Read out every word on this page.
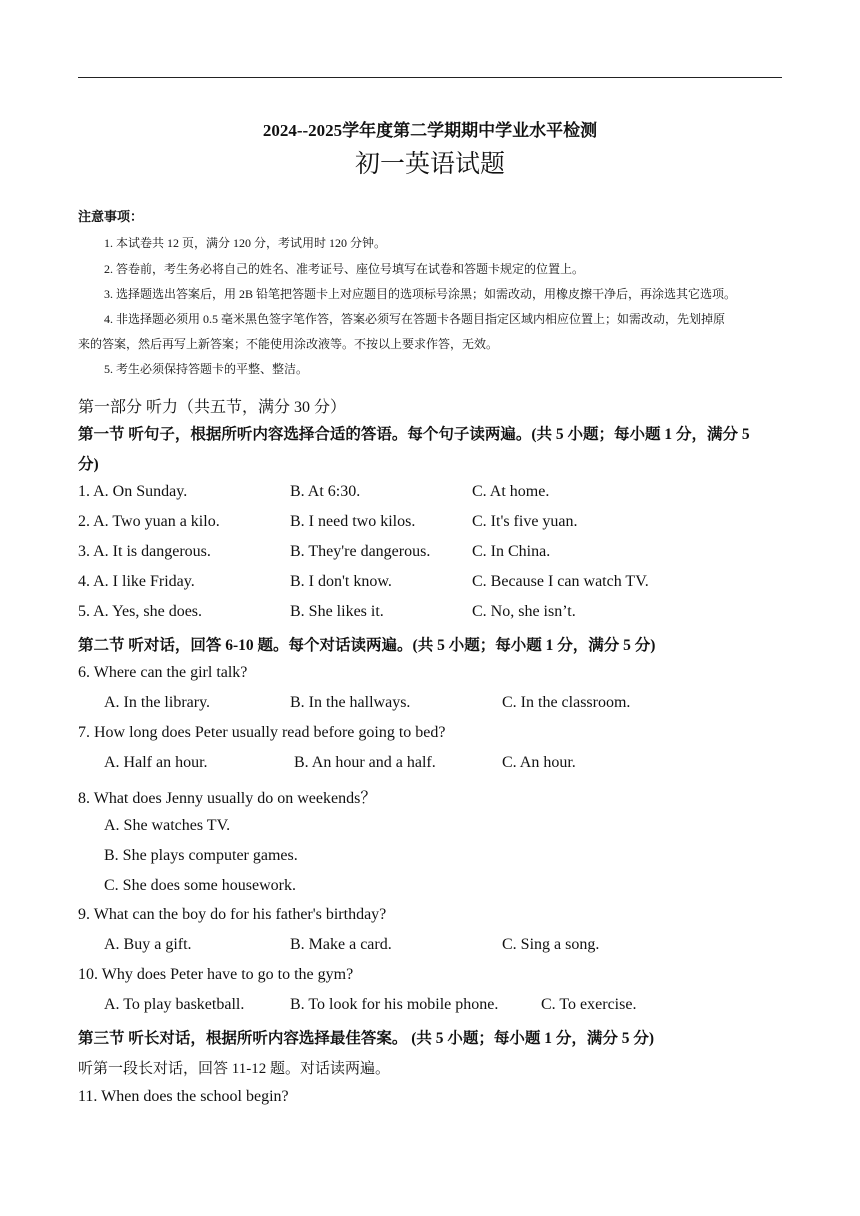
2024--2025学年度第二学期期中学业水平检测
初一英语试题
注意事项：
1. 本试卷共 12 页，满分 120 分，考试用时 120 分钟。
2. 答卷前，考生务必将自己的姓名、准考证号、座位号填写在试卷和答题卡规定的位置上。
3. 选择题选出答案后，用 2B 铅笔把答题卡上对应题目的选项标号涂黑；如需改动，用橡皮擦干净后，再涂选其它选项。
4. 非选择题必须用 0.5 毫米黑色签字笔作答，答案必须写在答题卡各题目指定区域内相应位置上；如需改动，先划掉原
来的答案，然后再写上新答案；不能使用涂改液等。不按以上要求作答，无效。
5. 考生必须保持答题卡的平整、整洁。
第一部分 听力（共五节，满分 30 分）
第一节 听句子，根据所听内容选择合适的答语。每个句子读两遍。(共 5 小题；每小题 1 分，满分 5
分)
1. A. On Sunday.	B. At 6:30.	C. At home.
2. A. Two yuan a kilo.	B. I need two kilos.	C. It's five yuan.
3. A. It is dangerous.	B. They're dangerous.	C. In China.
4. A. I like Friday.	B. I don't know.	C. Because I can watch TV.
5. A. Yes, she does.	B. She likes it.	C. No, she isn’t.
第二节 听对话，回答 6-10 题。每个对话读两遍。(共 5 小题；每小题 1 分，满分 5 分)
6. Where can the girl talk?
A. In the library.	B. In the hallways.	C. In the classroom.
7. How long does Peter usually read before going to bed?
A. Half an hour.	B. An hour and a half.	C. An hour.
8. What does Jenny usually do on weekends？
A. She watches TV.
B. She plays computer games.
C. She does some housework.
9. What can the boy do for his father's birthday?
A. Buy a gift.	B. Make a card.	C. Sing a song.
10. Why does Peter have to go to the gym?
A. To play basketball.	B. To look for his mobile phone.	C. To exercise.
第三节 听长对话，根据所听内容选择最佳答案。 (共 5 小题；每小题 1 分，满分 5 分)
听第一段长对话，回答 11-12 题。对话读两遍。
11. When does the school begin?
